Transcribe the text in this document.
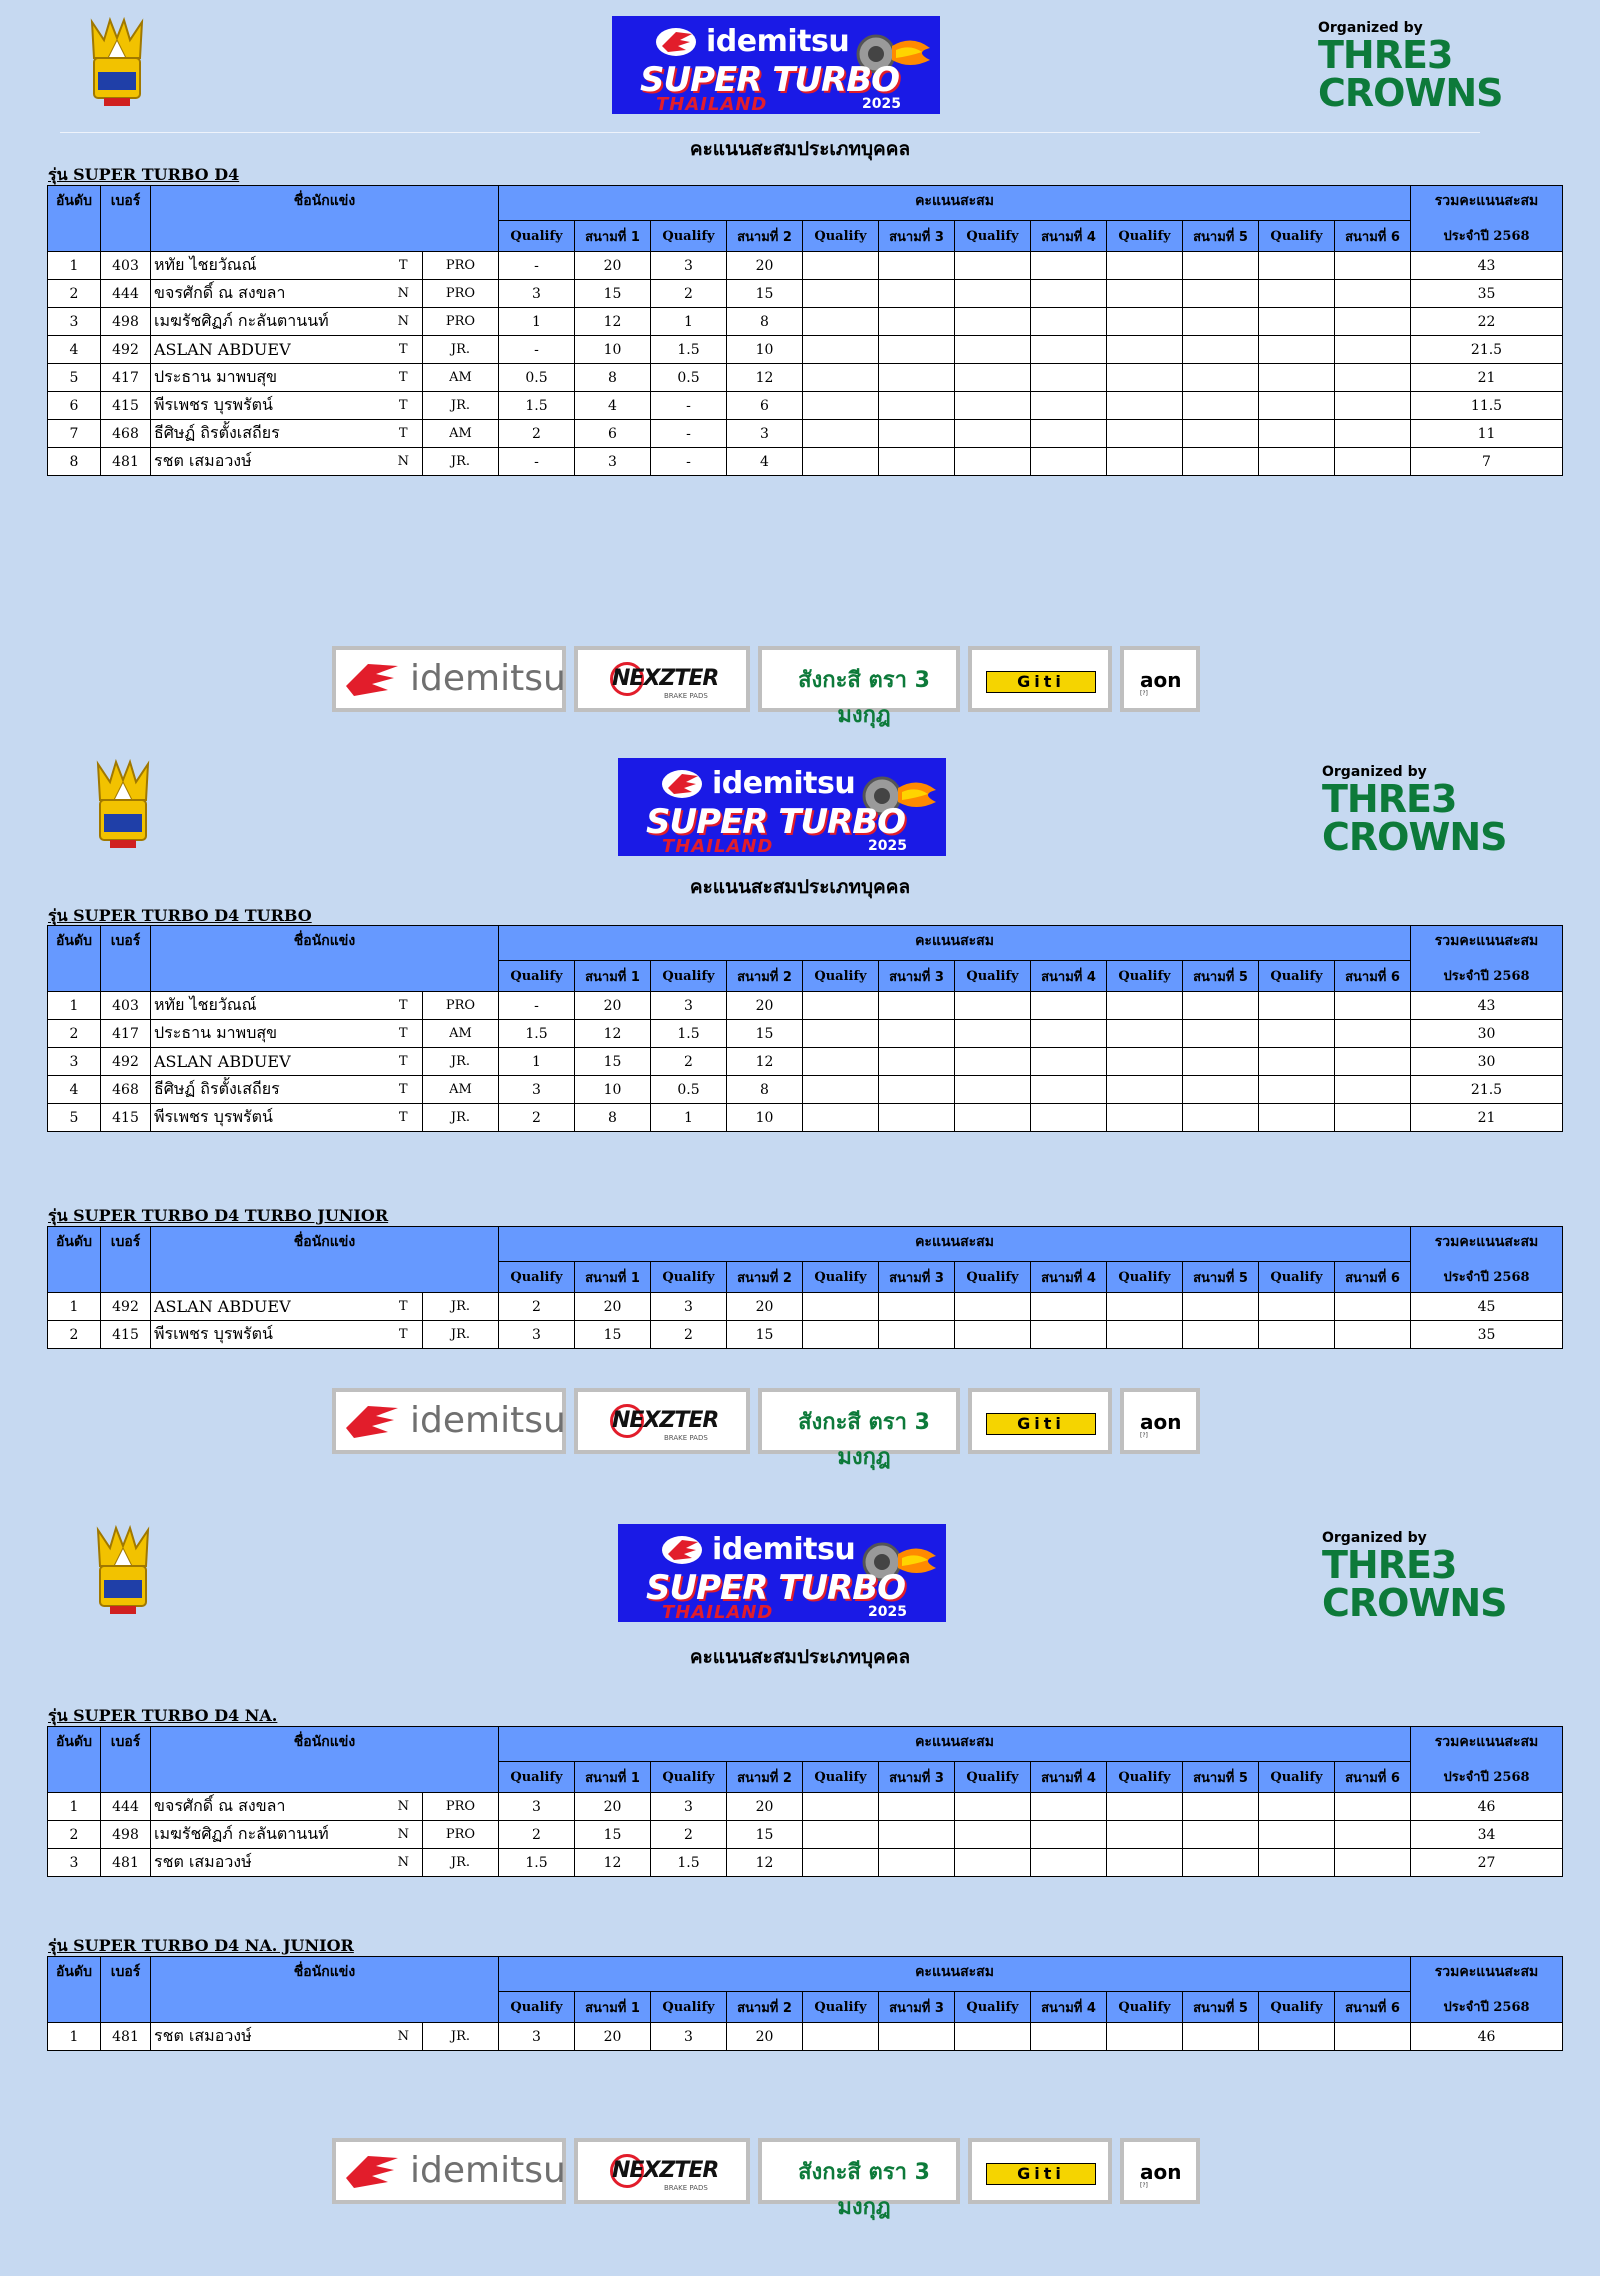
idemitsu
SUPER TURBO
THAILAND	2025
Organized by
THRE3
CROWNS
คะแนนสะสมประเภทบุคคล
รุ่น SUPER TURBO D4
อันดับ	เบอร์	ชื่อนักแข่ง			คะแนนสะสม												รวมคะแนนสะสม
					Qualify	สนามที่ 1	Qualify	สนามที่ 2	Qualify	สนามที่ 3	Qualify	สนามที่ 4	Qualify	สนามที่ 5	Qualify	สนามที่ 6	ประจำปี 2568
1	403	หทัย ไชยวัณณ์	T	PRO	-	20	3	20									43
2	444	ขจรศักดิ์ ณ สงขลา	N	PRO	3	15	2	15									35
3	498	เมฆรัชศิฏภ์ กะลันตานนท์	N	PRO	1	12	1	8									22
4	492	ASLAN ABDUEV	T	JR.	-	10	1.5	10									21.5
5	417	ประธาน มาพบสุข	T	AM	0.5	8	0.5	12									21
6	415	พีรเพชร บุรพรัตน์	T	JR.	1.5	4	-	6									11.5
7	468	ธีศิษฏ์ ถิรตั้งเสถียร	T	AM	2	6	-	3									11
8	481	รชต เสมอวงษ์	N	JR.	-	3	-	4									7
idemitsu NEXZTER
BRAKE PADS
สังกะสี ตรา 3 มงกุฎ
Giti	aon
[?]
idemitsu
SUPER TURBO
THAILAND	2025
Organized by
THRE3
CROWNS
คะแนนสะสมประเภทบุคคล
รุ่น SUPER TURBO D4 TURBO
อันดับ	เบอร์	ชื่อนักแข่ง			คะแนนสะสม												รวมคะแนนสะสม
					Qualify	สนามที่ 1	Qualify	สนามที่ 2	Qualify	สนามที่ 3	Qualify	สนามที่ 4	Qualify	สนามที่ 5	Qualify	สนามที่ 6	ประจำปี 2568
1	403	หทัย ไชยวัณณ์	T	PRO	-	20	3	20									43
2	417	ประธาน มาพบสุข	T	AM	1.5	12	1.5	15									30
3	492	ASLAN ABDUEV	T	JR.	1	15	2	12									30
4	468	ธีศิษฏ์ ถิรตั้งเสถียร	T	AM	3	10	0.5	8									21.5
5	415	พีรเพชร บุรพรัตน์	T	JR.	2	8	1	10									21
รุ่น SUPER TURBO D4 TURBO JUNIOR
อันดับ	เบอร์	ชื่อนักแข่ง			คะแนนสะสม												รวมคะแนนสะสม
					Qualify	สนามที่ 1	Qualify	สนามที่ 2	Qualify	สนามที่ 3	Qualify	สนามที่ 4	Qualify	สนามที่ 5	Qualify	สนามที่ 6	ประจำปี 2568
1	492	ASLAN ABDUEV	T	JR.	2	20	3	20									45
2	415	พีรเพชร บุรพรัตน์	T	JR.	3	15	2	15									35
idemitsu NEXZTER
BRAKE PADS
สังกะสี ตรา 3 มงกุฎ
Giti	aon
[?]
idemitsu
SUPER TURBO
THAILAND	2025
Organized by
THRE3
CROWNS
คะแนนสะสมประเภทบุคคล
รุ่น SUPER TURBO D4 NA.
อันดับ	เบอร์	ชื่อนักแข่ง			คะแนนสะสม												รวมคะแนนสะสม
					Qualify	สนามที่ 1	Qualify	สนามที่ 2	Qualify	สนามที่ 3	Qualify	สนามที่ 4	Qualify	สนามที่ 5	Qualify	สนามที่ 6	ประจำปี 2568
1	444	ขจรศักดิ์ ณ สงขลา	N	PRO	3	20	3	20									46
2	498	เมฆรัชศิฏภ์ กะลันตานนท์	N	PRO	2	15	2	15									34
3	481	รชต เสมอวงษ์	N	JR.	1.5	12	1.5	12									27
รุ่น SUPER TURBO D4 NA. JUNIOR
อันดับ	เบอร์	ชื่อนักแข่ง			คะแนนสะสม												รวมคะแนนสะสม
					Qualify	สนามที่ 1	Qualify	สนามที่ 2	Qualify	สนามที่ 3	Qualify	สนามที่ 4	Qualify	สนามที่ 5	Qualify	สนามที่ 6	ประจำปี 2568
1	481	รชต เสมอวงษ์	N	JR.	3	20	3	20									46
idemitsu NEXZTER
BRAKE PADS
สังกะสี ตรา 3 มงกุฎ
Giti	aon
[?]
